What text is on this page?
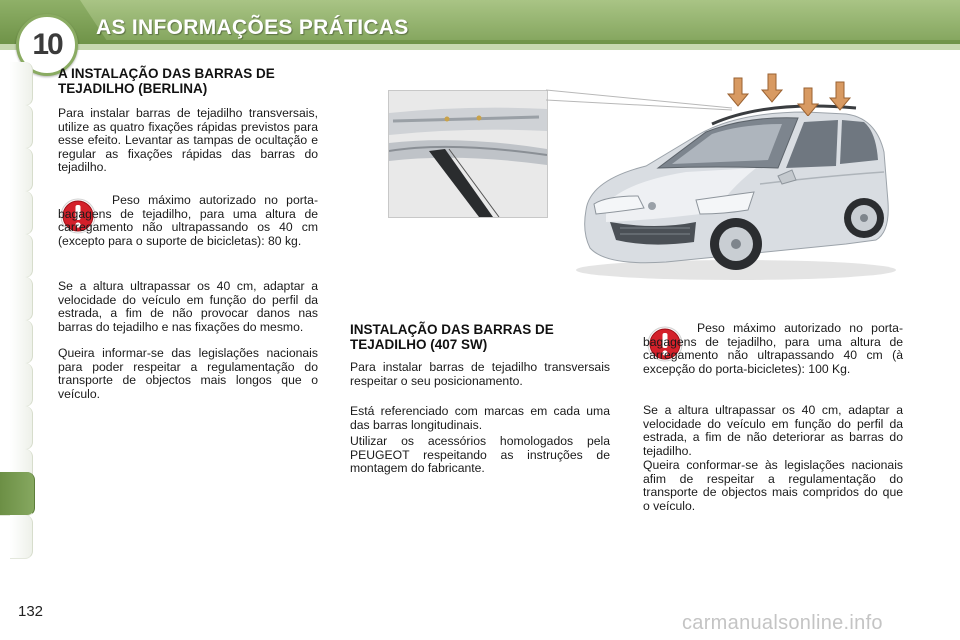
10
AS INFORMAÇÕES PRÁTICAS
A INSTALAÇÃO DAS BARRAS DE TEJADILHO (BERLINA)
Para instalar barras de tejadilho transversais, utilize as quatro fixações rápidas previstos para esse efeito. Levantar as tampas de ocultação e regular as fixações rápidas das barras do tejadilho.
Peso máximo autorizado no porta-bagagens de tejadilho, para uma altura de carregamento não ultrapassando os 40 cm (excepto para o suporte de bicicletas): 80 kg.
Se a altura ultrapassar os 40 cm, adaptar a velocidade do veículo em função do perfil da estrada, a fim de não provocar danos nas barras do tejadilho e nas fixações do mesmo.
Queira informar-se das legislações nacionais para poder respeitar a regulamentação do transporte de objectos mais longos que o veículo.
INSTALAÇÃO DAS BARRAS DE TEJADILHO (407 SW)
Para instalar barras de tejadilho transversais respeitar o seu posicionamento.
Está referenciado com marcas em cada uma das barras longitudinais.
Utilizar os acessórios homologados pela PEUGEOT respeitando as instruções de montagem do fabricante.
Peso máximo autorizado no porta-bagagens de tejadilho, para uma altura de carregamento não ultrapassando 40 cm (à excepção do porta-bicicletes): 100 Kg.
Se a altura ultrapassar os 40 cm, adaptar a velocidade do veículo em função do perfil da estrada, a fim de não deteriorar as barras do tejadilho.
Queira conformar-se às legislações nacionais afim de respeitar a regulamentação do transporte de objectos mais compridos do que o veículo.
132
carmanualsonline.info
